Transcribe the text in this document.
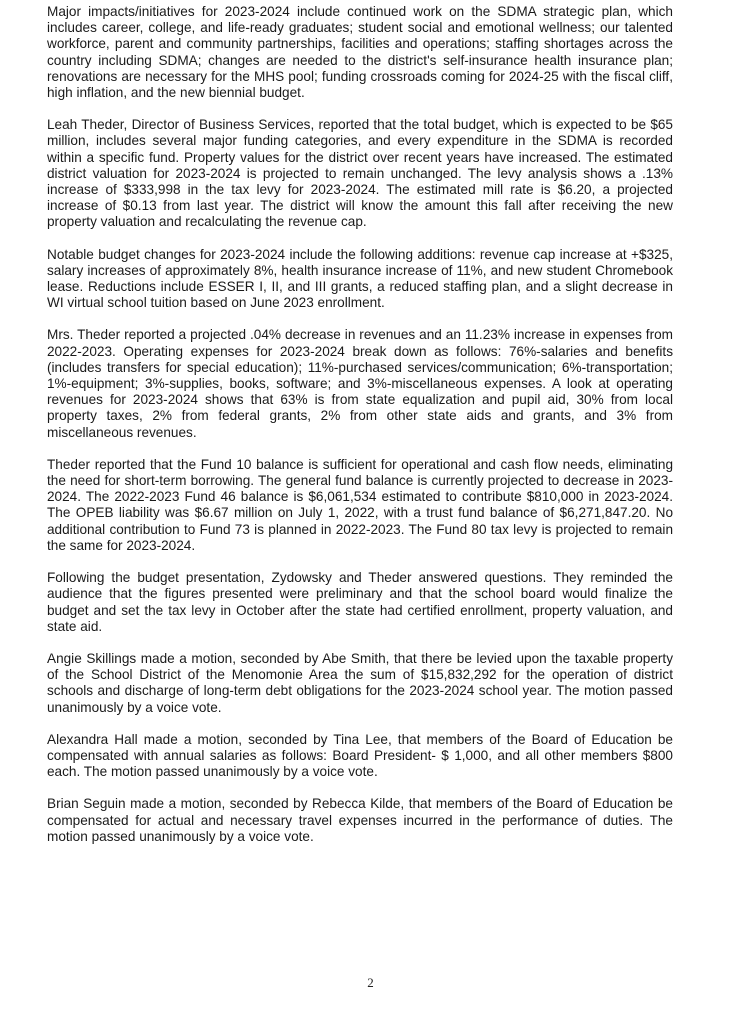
Major impacts/initiatives for 2023-2024 include continued work on the SDMA strategic plan, which includes career, college, and life-ready graduates; student social and emotional wellness; our talented workforce, parent and community partnerships, facilities and operations; staffing shortages across the country including SDMA; changes are needed to the district's self-insurance health insurance plan; renovations are necessary for the MHS pool; funding crossroads coming for 2024-25 with the fiscal cliff, high inflation, and the new biennial budget.

Leah Theder, Director of Business Services, reported that the total budget, which is expected to be $65 million, includes several major funding categories, and every expenditure in the SDMA is recorded within a specific fund. Property values for the district over recent years have increased. The estimated district valuation for 2023-2024 is projected to remain unchanged. The levy analysis shows a .13% increase of $333,998 in the tax levy for 2023-2024. The estimated mill rate is $6.20, a projected increase of $0.13 from last year. The district will know the amount this fall after receiving the new property valuation and recalculating the revenue cap.

Notable budget changes for 2023-2024 include the following additions: revenue cap increase at +$325, salary increases of approximately 8%, health insurance increase of 11%, and new student Chromebook lease. Reductions include ESSER I, II, and III grants, a reduced staffing plan, and a slight decrease in WI virtual school tuition based on June 2023 enrollment.

Mrs. Theder reported a projected .04% decrease in revenues and an 11.23% increase in expenses from 2022-2023. Operating expenses for 2023-2024 break down as follows: 76%-salaries and benefits (includes transfers for special education); 11%-purchased services/communication; 6%-transportation; 1%-equipment; 3%-supplies, books, software; and 3%-miscellaneous expenses. A look at operating revenues for 2023-2024 shows that 63% is from state equalization and pupil aid, 30% from local property taxes, 2% from federal grants, 2% from other state aids and grants, and 3% from miscellaneous revenues.

Theder reported that the Fund 10 balance is sufficient for operational and cash flow needs, eliminating the need for short-term borrowing. The general fund balance is currently projected to decrease in 2023-2024. The 2022-2023 Fund 46 balance is $6,061,534 estimated to contribute $810,000 in 2023-2024. The OPEB liability was $6.67 million on July 1, 2022, with a trust fund balance of $6,271,847.20. No additional contribution to Fund 73 is planned in 2022-2023. The Fund 80 tax levy is projected to remain the same for 2023-2024.

Following the budget presentation, Zydowsky and Theder answered questions. They reminded the audience that the figures presented were preliminary and that the school board would finalize the budget and set the tax levy in October after the state had certified enrollment, property valuation, and state aid.

Angie Skillings made a motion, seconded by Abe Smith, that there be levied upon the taxable property of the School District of the Menomonie Area the sum of $15,832,292 for the operation of district schools and discharge of long-term debt obligations for the 2023-2024 school year. The motion passed unanimously by a voice vote.

Alexandra Hall made a motion, seconded by Tina Lee, that members of the Board of Education be compensated with annual salaries as follows: Board President- $ 1,000, and all other members $800 each. The motion passed unanimously by a voice vote.

Brian Seguin made a motion, seconded by Rebecca Kilde, that members of the Board of Education be compensated for actual and necessary travel expenses incurred in the performance of duties. The motion passed unanimously by a voice vote.

2
